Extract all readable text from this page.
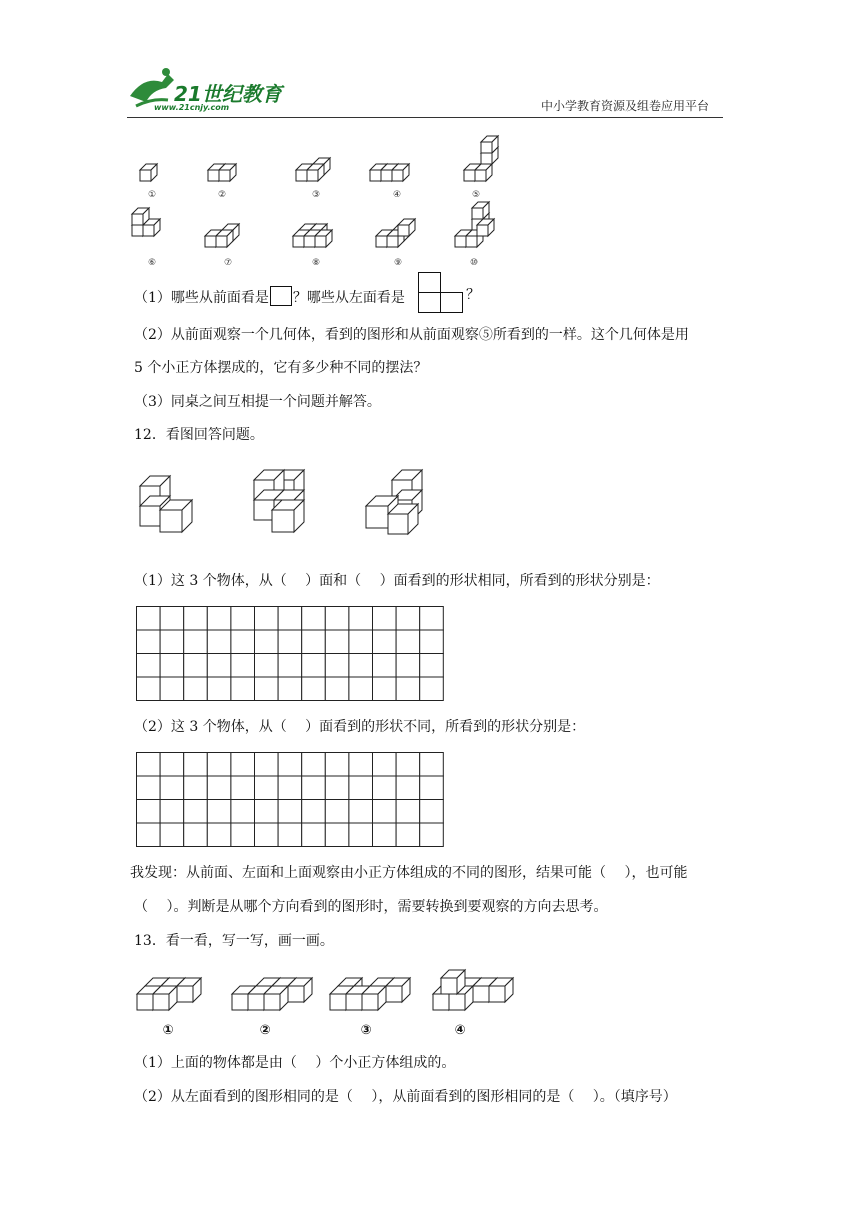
21世纪教育
www.21cnjy.com	中小学教育资源及组卷应用平台
①	②	③	④	⑤
⑥	⑦	⑧	⑨	⑩
（1）哪些从前面看是 ？哪些从左面看是	？
（2）从前面观察一个几何体，看到的图形和从前面观察⑤所看到的一样。这个几何体是用
5 个小正方体摆成的，它有多少种不同的摆法？
（3）同桌之间互相提一个问题并解答。
12．看图回答问题。
（1）这 3 个物体，从（　 ）面和（　 ）面看到的形状相同，所看到的形状分别是：
（2）这 3 个物体，从（　 ）面看到的形状不同，所看到的形状分别是：
我发现：从前面、左面和上面观察由小正方体组成的不同的图形，结果可能（　 ），也可能
（　 ）。判断是从哪个方向看到的图形时，需要转换到要观察的方向去思考。
13．看一看，写一写，画一画。
①	②	③	④
（1）上面的物体都是由（　 ）个小正方体组成的。
（2）从左面看到的图形相同的是（　 ），从前面看到的图形相同的是（　 ）。（填序号）
